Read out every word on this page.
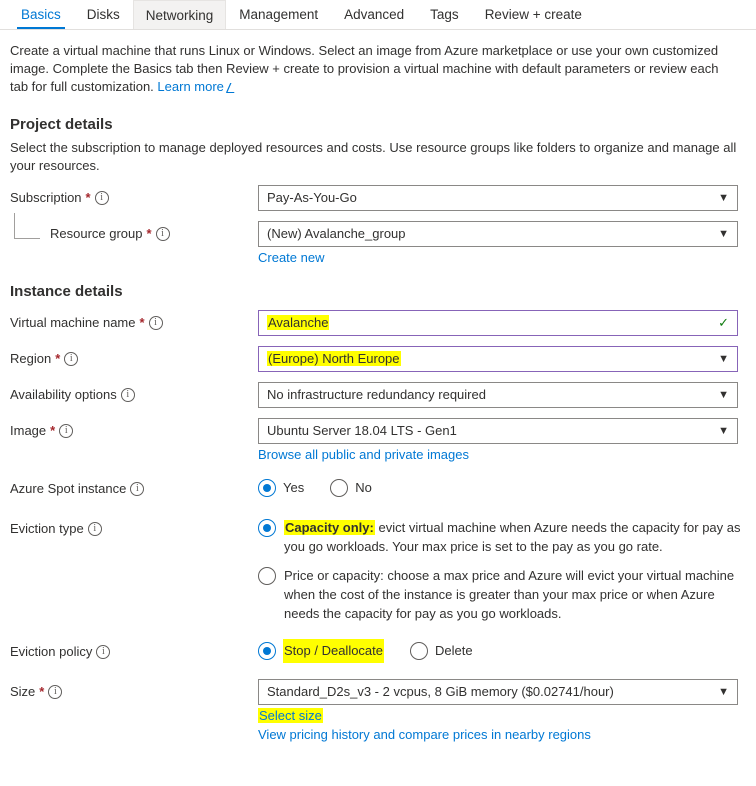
Basics Disks Networking Management Advanced Tags Review + create
Create a virtual machine that runs Linux or Windows. Select an image from Azure marketplace or use your own customized image. Complete the Basics tab then Review + create to provision a virtual machine with default parameters or review each tab for full customization. Learn more ⎳
Project details
Select the subscription to manage deployed resources and costs. Use resource groups like folders to organize and manage all your resources.
Subscription * i	Pay-As-You-Go	▼
Resource group * i	(New) Avalanche_group	▼
Create new
Instance details
Virtual machine name * i	Avalanche	✓
Region * i	(Europe) North Europe	▼
Availability options i	No infrastructure redundancy required	▼
Image * i	Ubuntu Server 18.04 LTS - Gen1	▼
Browse all public and private images
Azure Spot instance i	Yes	No
Eviction type i	Capacity only: evict virtual machine when Azure needs the capacity for pay as you go workloads. Your max price is set to the pay as you go rate.
Price or capacity: choose a max price and Azure will evict your virtual machine when the cost of the instance is greater than your max price or when Azure needs the capacity for pay as you go workloads.
Eviction policy i	Stop / Deallocate	Delete
Size * i	Standard_D2s_v3 - 2 vcpus, 8 GiB memory ($0.02741/hour)	▼
Select size
View pricing history and compare prices in nearby regions
